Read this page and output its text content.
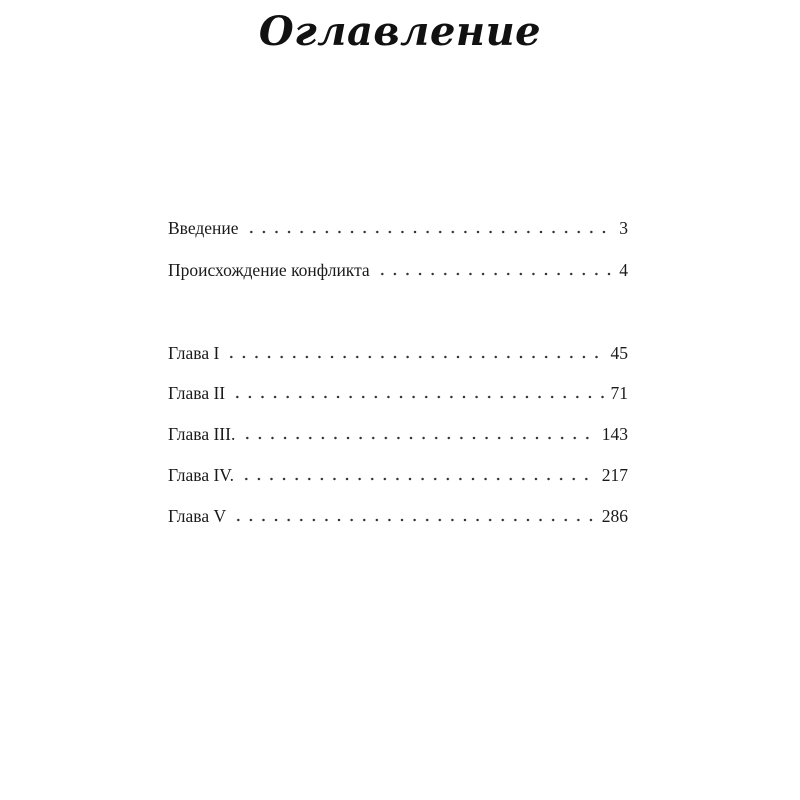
Оглавление
Введение	3
Происхождение конфликта	4
Глава I	45
Глава II	71
Глава III.	143
Глава IV.	217
Глава V	286
